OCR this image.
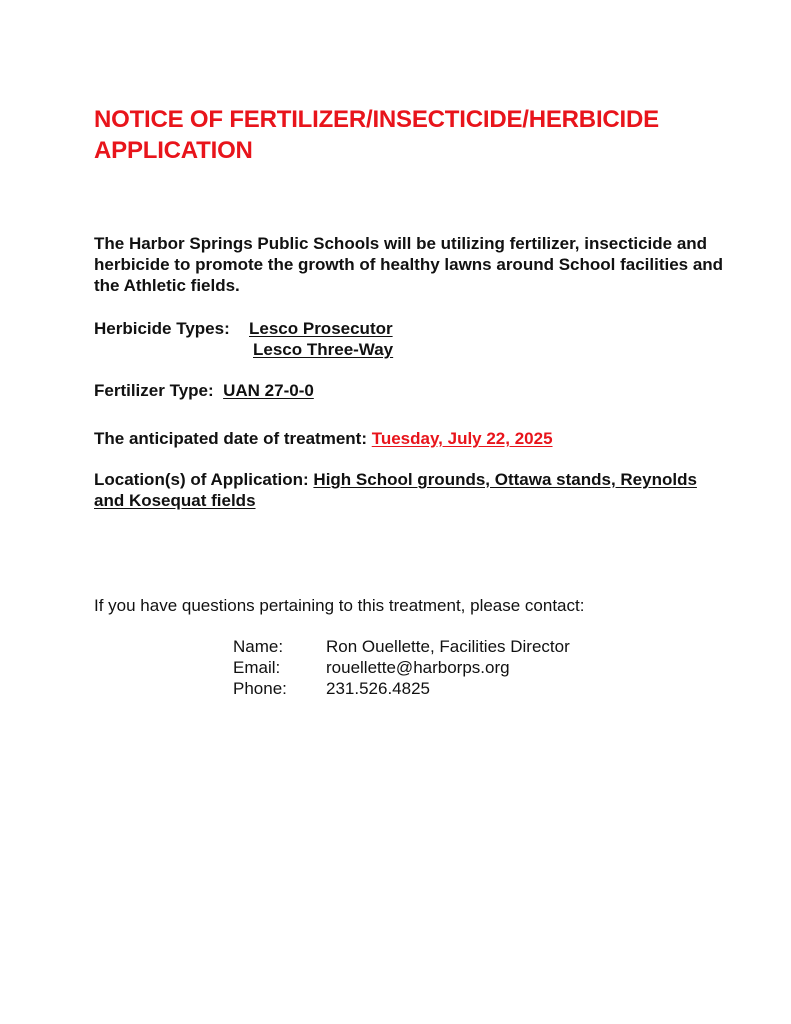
NOTICE OF FERTILIZER/INSECTICIDE/HERBICIDE APPLICATION

The Harbor Springs Public Schools will be utilizing fertilizer, insecticide and herbicide to promote the growth of healthy lawns around School facilities and the Athletic fields.

Herbicide Types: Lesco Prosecutor
Lesco Three-Way
Fertilizer Type: UAN 27-0-0
The anticipated date of treatment: Tuesday, July 22, 2025
Location(s) of Application: High School grounds, Ottawa stands, Reynolds and Kosequat fields
If you have questions pertaining to this treatment, please contact:
Name:	Ron Ouellette, Facilities Director
Email:	rouellette@harborps.org
Phone:	231.526.4825
